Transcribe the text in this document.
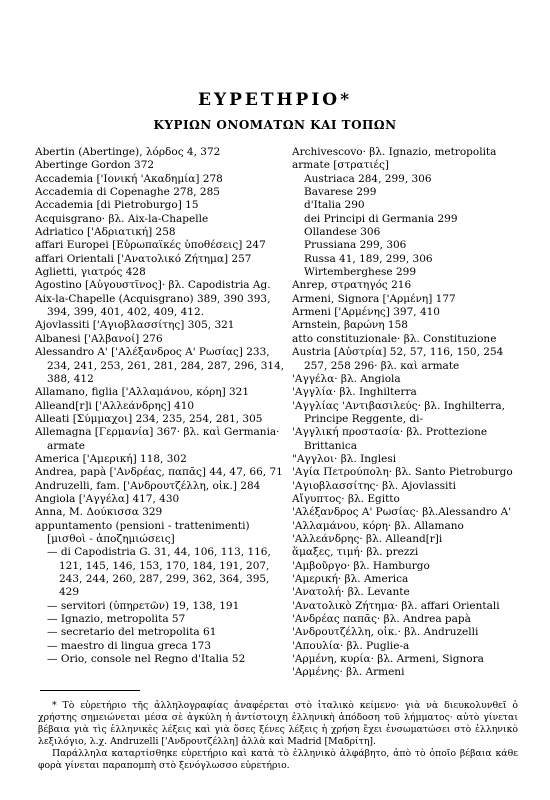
ΕΥΡΕΤΗΡΙΟ*
ΚΥΡΙΩΝ ΟΝΟΜΑΤΩΝ ΚΑΙ ΤΟΠΩΝ

Abertin (Abertinge), λόρδος 4, 372

Abertinge Gordon 372

Accademia ['Ιονική 'Ακαδημία] 278

Accademia di Copenaghe 278, 285

Accademia [di Pietroburgo] 15

Acquisgrano· βλ. Aix-la-Chapelle

Adriatico ['Αδριατική] 258

affari Europei [Εὐρωπαϊκές ὑποθέσεις] 247

affari Orientali ['Ανατολικό Ζήτημα] 257

Aglietti, γιατρός 428

Agostino [Αὐγουστῖνος]· βλ. Capodistria Ag.

Aix-la-Chapelle (Acquisgrano) 389, 390 393, 394, 399, 401, 402, 409, 412.

Ajovlassiti ['Αγιοβλασσίτης] 305, 321

Albanesi ['Αλβανοί] 276

Alessandro A' ['Αλέξανδρος Α' Ρωσίας] 233, 234, 241, 253, 261, 281, 284, 287, 296, 314, 388, 412

Allamano, figlia ['Αλλαμάνου, κόρη] 321

Alleand[r]i ['Αλλεάνδρης] 410

Alleati [Σύμμαχοι] 234, 235, 254, 281, 305

Allemagna [Γερμανία] 367· βλ. καὶ Germania· armate

America ['Αμερική] 118, 302

Andrea, papà ['Ανδρέας, παπᾶς] 44, 47, 66, 71

Andruzelli, fam. ['Ανδρουτζέλλη, οἰκ.] 284

Angiola ['Αγγέλα] 417, 430

Anna, M. Δούκισσα 329

appuntamento (pensioni - trattenimenti) [μισθοὶ - ἀποζημιώσεις]

— di Capodistria G. 31, 44, 106, 113, 116, 121, 145, 146, 153, 170, 184, 191, 207, 243, 244, 260, 287, 299, 362, 364, 395, 429

— servitori (ὑπηρετῶν) 19, 138, 191

— Ignazio, metropolita 57

— secretario del metropolita 61

— maestro di lingua greca 173

— Orio, console nel Regno d'Italia 52

Archivescovo· βλ. Ignazio, metropolita

armate [στρατιές]

Austriaca 284, 299, 306

Bavarese 299

d'Italia 290

dei Principi di Germania 299

Ollandese 306

Prussiana 299, 306

Russa 41, 189, 299, 306

Wirtemberghese 299

Anrep, στρατηγός 216

Armeni, Signora ['Αρμένη] 177

Armeni ['Αρμένης] 397, 410

Arnstein, βαρώνη 158

atto constituzionale· βλ. Constituzione

Austria [Αὐστρία] 52, 57, 116, 150, 254 257, 258 296· βλ. καὶ armate

'Αγγέλα· βλ. Angiola

'Αγγλία· βλ. Inghilterra

'Αγγλίας 'Αντιβασιλεύς· βλ. Inghilterra, Principe Reggente, di-

'Αγγλική προστασία· βλ. Prottezione Brittanica

"Αγγλοι· βλ. Inglesi

'Αγία Πετρούπολη· βλ. Santo Pietroburgo

'Αγιοβλασσίτης· βλ. Ajovlassiti

Αἴγυπτος· βλ. Egitto

'Αλέξανδρος Α' Ρωσίας· βλ.Alessandro A'

'Αλλαμάνου, κόρη· βλ. Allamano

'Αλλεάνδρης· βλ. Alleand[r]i

ἅμαξες, τιμή· βλ. prezzi

'Αμβοῦργο· βλ. Hamburgo

'Αμερική· βλ. America

'Ανατολή· βλ. Levante

'Ανατολικὸ Ζήτημα· βλ. affari Orientali

'Ανδρέας παπᾶς· βλ. Andrea papà

'Ανδρουτζέλλη, οἰκ.· βλ. Andruzelli

'Απουλία· βλ. Puglie-a

'Αρμένη, κυρία· βλ. Armeni, Signora

'Αρμένης· βλ. Armeni

* Τὸ εὑρετήριο τῆς ἀλληλογραφίας ἀναφέρεται στὸ ἰταλικὸ κείμενο· γιὰ νὰ διευκολυνθεῖ ὁ χρήστης σημειώνεται μέσα σὲ ἀγκύλη ἡ ἀντίστοιχη ἑλληνικὴ ἀπόδοση τοῦ λήμματος· αὐτὸ γίνεται βέβαια γιὰ τὶς ἑλληνικὲς λέξεις καὶ γιὰ ὅσες ξένες λέξεις ἡ χρήση ἔχει ἐνσωματώσει στὸ ἑλληνικὸ λεξιλόγιο, λ.χ. Andruzelli ['Ανδρουτζέλλη] ἀλλὰ καὶ Madrid [Μαδρίτη].

Παράλληλα καταρτίσθηκε εὑρετήριο καὶ κατὰ τὸ ἑλληνικὸ ἀλφάβητο, ἀπὸ τὸ ὁποῖο βέβαια κάθε φορὰ γίνεται παραπομπὴ στὸ ξενόγλωσσο εὑρετήριο.
